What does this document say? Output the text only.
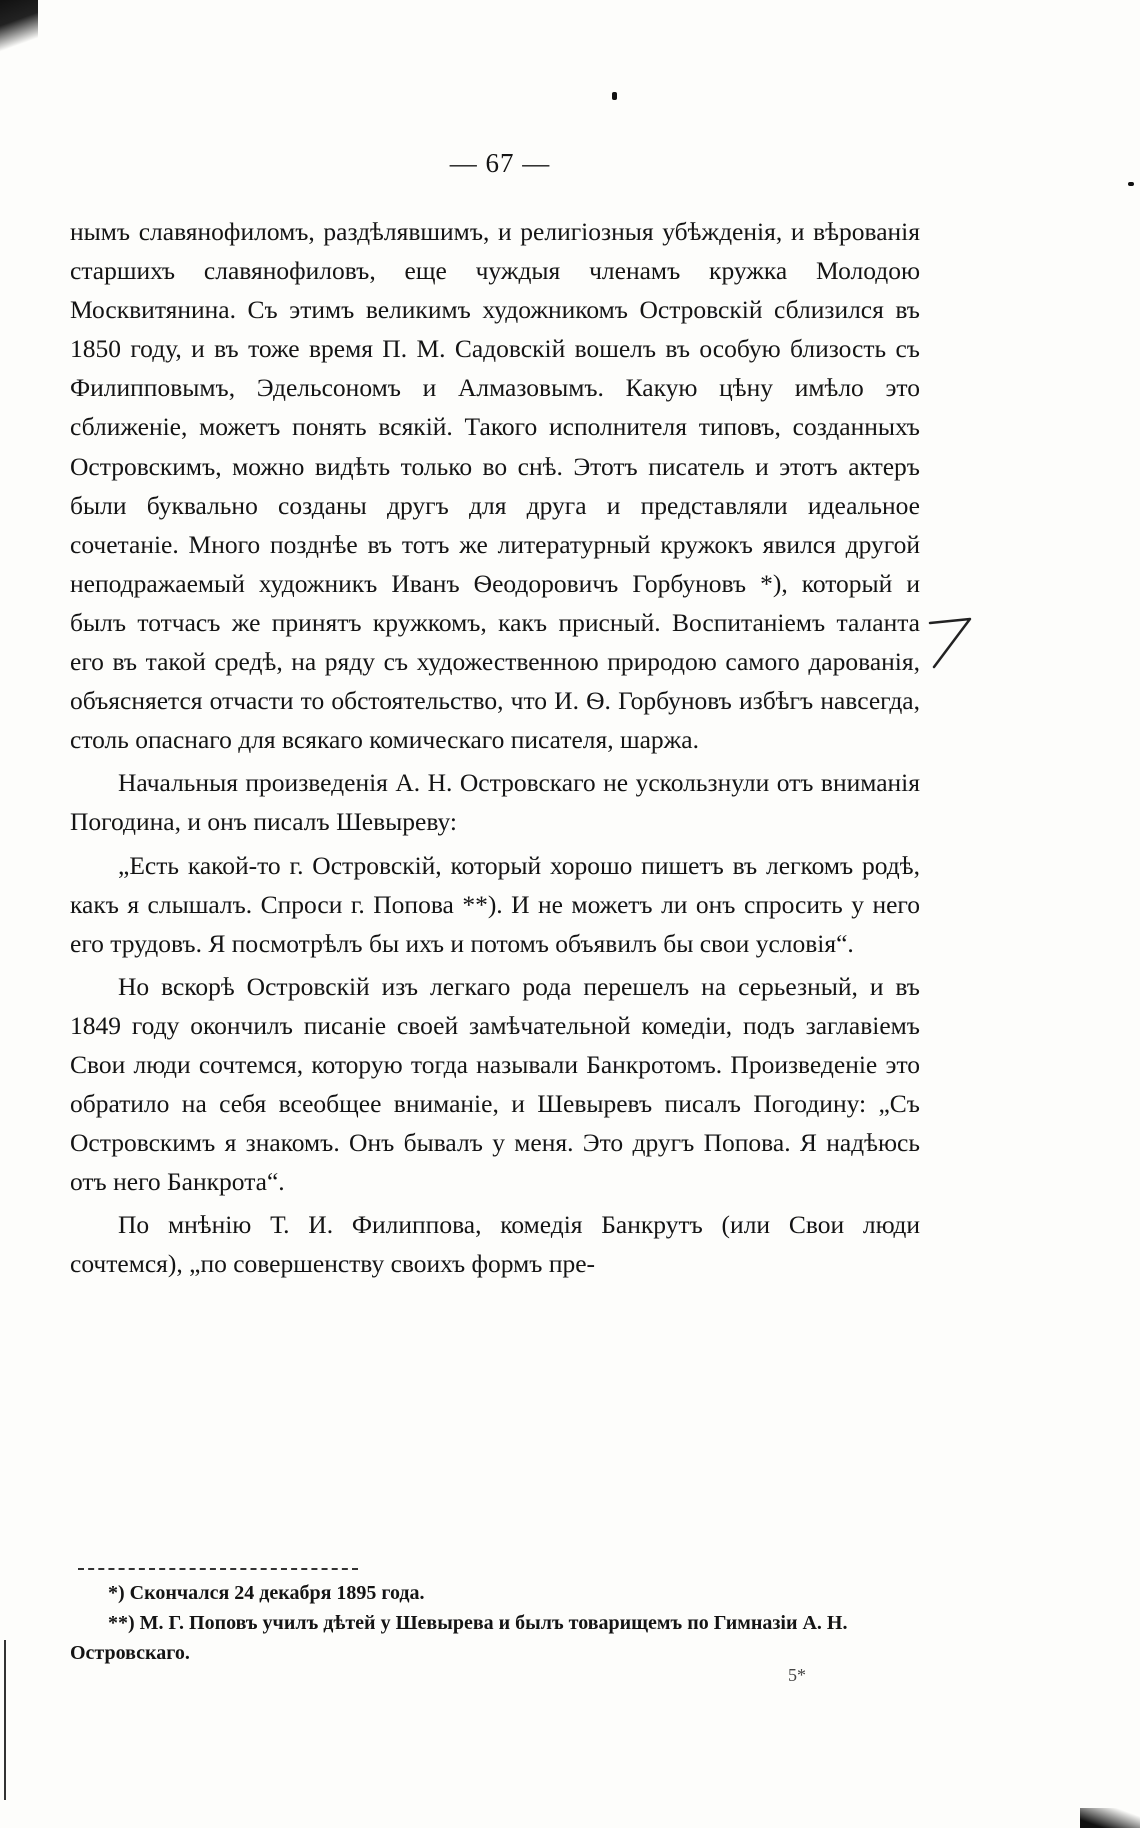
— 67 —

нымъ славянофиломъ, раздѣлявшимъ, и религіозныя убѣжденія, и вѣрованія старшихъ славянофиловъ, еще чуждыя членамъ кружка Молодою Москвитянина. Съ этимъ великимъ художникомъ Островскій сблизился въ 1850 году, и въ тоже время П. М. Садовскій вошелъ въ особую близость съ Филипповымъ, Эдельсономъ и Алмазовымъ. Какую цѣну имѣло это сближеніе, можетъ понять всякій. Такого исполнителя типовъ, созданныхъ Островскимъ, можно видѣть только во снѣ. Этотъ писатель и этотъ актеръ были буквально созданы другъ для друга и представляли идеальное сочетаніе. Много позднѣе въ тотъ же литературный кружокъ явился другой неподражаемый художникъ Иванъ Ѳеодоровичъ Горбуновъ *), который и былъ тотчасъ же принятъ кружкомъ, какъ присный. Воспитаніемъ таланта его въ такой средѣ, на ряду съ художественною природою самого дарованія, объясняется отчасти то обстоятельство, что И. Ѳ. Горбуновъ избѣгъ навсегда, столь опаснаго для всякаго комическаго писателя, шаржа.

Начальныя произведенія А. Н. Островскаго не ускользнули отъ вниманія Погодина, и онъ писалъ Шевыреву:

„Есть какой-то г. Островскій, который хорошо пишетъ въ легкомъ родѣ, какъ я слышалъ. Спроси г. Попова **). И не можетъ ли онъ спросить у него его трудовъ. Я посмотрѣлъ бы ихъ и потомъ объявилъ бы свои условія“.

Но вскорѣ Островскій изъ легкаго рода перешелъ на серьезный, и въ 1849 году окончилъ писаніе своей замѣчательной комедіи, подъ заглавіемъ Свои люди сочтемся, которую тогда называли Банкротомъ. Произведеніе это обратило на себя всеобщее вниманіе, и Шевыревъ писалъ Погодину: „Съ Островскимъ я знакомъ. Онъ бывалъ у меня. Это другъ Попова. Я надѣюсь отъ него Банкрота“.

По мнѣнію Т. И. Филиппова, комедія Банкрутъ (или Свои люди сочтемся), „по совершенству своихъ формъ пре-

*) Скончался 24 декабря 1895 года.

**) М. Г. Поповъ училъ дѣтей у Шевырева и былъ товарищемъ по Гимназіи А. Н. Островскаго.

5*
